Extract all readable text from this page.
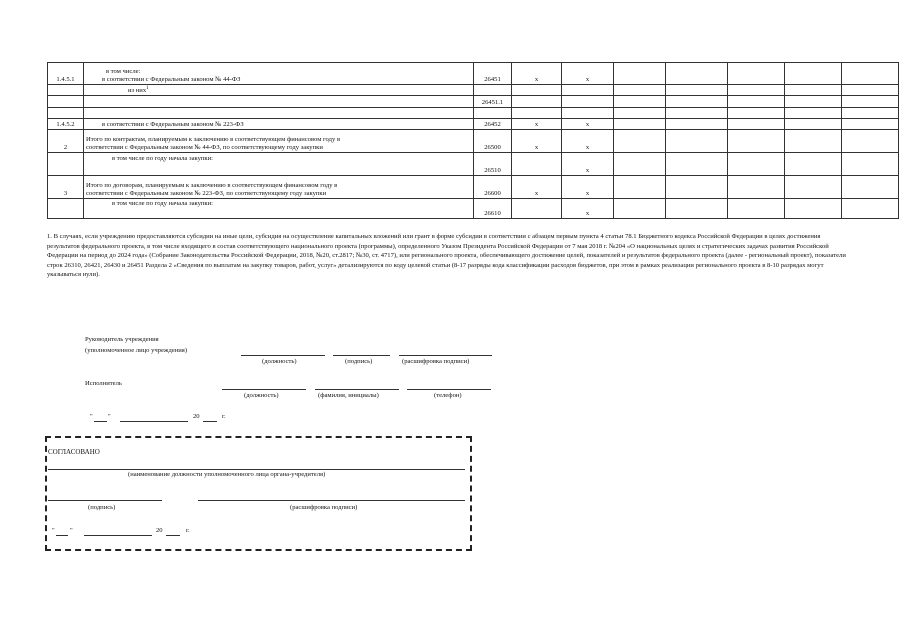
1.4.5.1	в том числе:
в соответствии с Федеральным законом № 44-ФЗ	26451	x	x					
	из них$^1$								
		26451.1							

1.4.5.2	в соответствии с Федеральным законом № 223-ФЗ	26452	x	x					
2	Итого по контрактам, планируемым к заключению в соответствующем финансовом году в
соответствии с Федеральным законом № 44-ФЗ, по соответствующему году закупки	26500	x	x					
	в том числе по году начала закупки:	26510		x					
3	Итого по договорам, планируемым к заключению в соответствующем финансовом году в
соответствии с Федеральным законом № 223-ФЗ, по соответствующему году закупки	26600	x	x					
	в том числе по году начала закупки:	26610		x					
1. В случаях, если учреждению предоставляются субсидии на иные цели, субсидия на осуществление капитальных вложений или грант в форме субсидии в соответствии с абзацем первым пункта 4 статьи 78.1 Бюджетного кодекса Российской Федерации в целях достижения результатов федерального проекта, в том числе входящего в состав соответствующего национального проекта (программы), определенного Указом Президента Российской Федерации от 7 мая 2018 г. №204 «О национальных целях и стратегических задачах развития Российской Федерации на период до 2024 года» (Собрание Законодательства Российской Федерации, 2018, №20, ст.2817; №30, ст. 4717), или регионального проекта, обеспечивающего достижение целей, показателей и результатов федерального проекта (далее - региональный проект), показатели строк 26310, 26421, 26430 и 26451 Раздела 2 «Сведения по выплатам на закупку товаров, работ, услуг» детализируются по коду целевой статьи (8-17 разряды кода классификации расходов бюджетов, при этом в рамках реализации регионального проекта в 8-10 разрядах могут указываться нули).
Руководитель учреждения
(уполномоченное лицо учреждения)
(должность)	(подпись)	(расшифровка подписи)
Исполнитель
(должность)	(фамилия, инициалы)	(телефон)
" "	20	г.
СОГЛАСОВАНО
(наименование должности уполномоченного лица органа-учредителя)
(подпись)	(расшифровка подписи)
" "	20	г.
